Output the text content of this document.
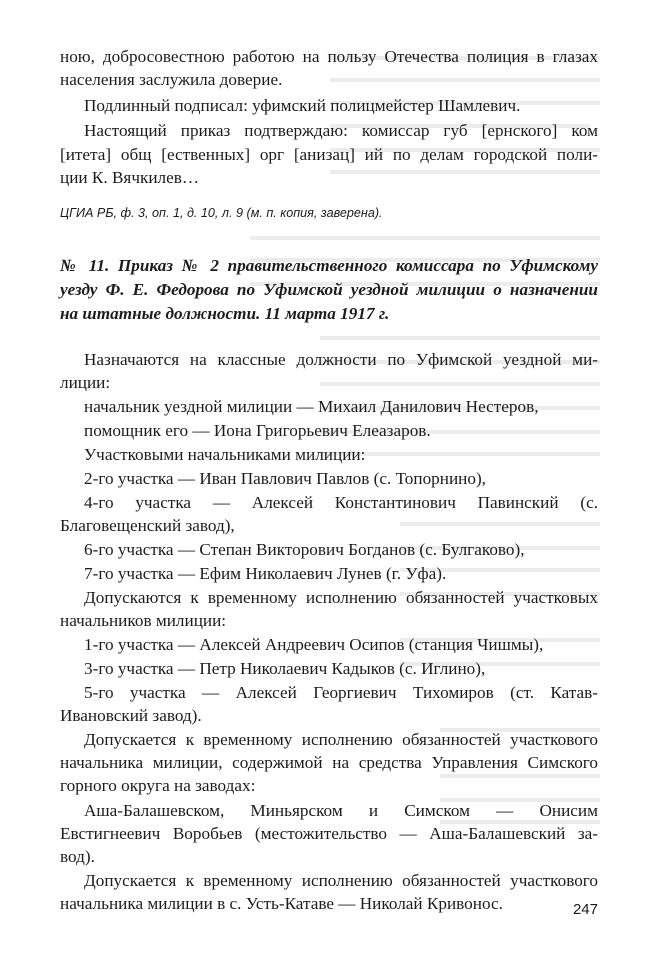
ною, добросовестною работою на пользу Отечества полиция в глазах
населения заслужила доверие.
Подлинный подписал: уфимский полицмейстер Шамлевич.
Настоящий приказ подтверждаю: комиссар губ [ернского] ком
[итета] общ [ественных] орг [анизац] ий по делам городской поли-
ции К. Вячкилев…
ЦГИА РБ, ф. 3, оп. 1, д. 10, л. 9 (м. п. копия, заверена).
№ 11. Приказ № 2 правительственного комиссара по Уфимскому
уезду Ф. Е. Федорова по Уфимской уездной милиции о назначении
на штатные должности. 11 марта 1917 г.
Назначаются на классные должности по Уфимской уездной ми-
лиции:
начальник уездной милиции — Михаил Данилович Нестеров,
помощник его — Иона Григорьевич Елеазаров.
Участковыми начальниками милиции:
2-го участка — Иван Павлович Павлов (с. Топорнино),
4-го участка — Алексей Константинович Павинский (с.
Благовещенский завод),
6-го участка — Степан Викторович Богданов (с. Булгаково),
7-го участка — Ефим Николаевич Лунев (г. Уфа).
Допускаются к временному исполнению обязанностей участковых
начальников милиции:
1-го участка — Алексей Андреевич Осипов (станция Чишмы),
3-го участка — Петр Николаевич Кадыков (с. Иглино),
5-го участка — Алексей Георгиевич Тихомиров (ст. Катав-
Ивановский завод).
Допускается к временному исполнению обязанностей участкового
начальника милиции, содержимой на средства Управления Симского
горного округа на заводах:
Аша-Балашевском, Миньярском и Симском — Онисим
Евстигнеевич Воробьев (местожительство — Аша-Балашевский за-
вод).
Допускается к временному исполнению обязанностей участкового
начальника милиции в с. Усть-Катаве — Николай Кривонос.	247
